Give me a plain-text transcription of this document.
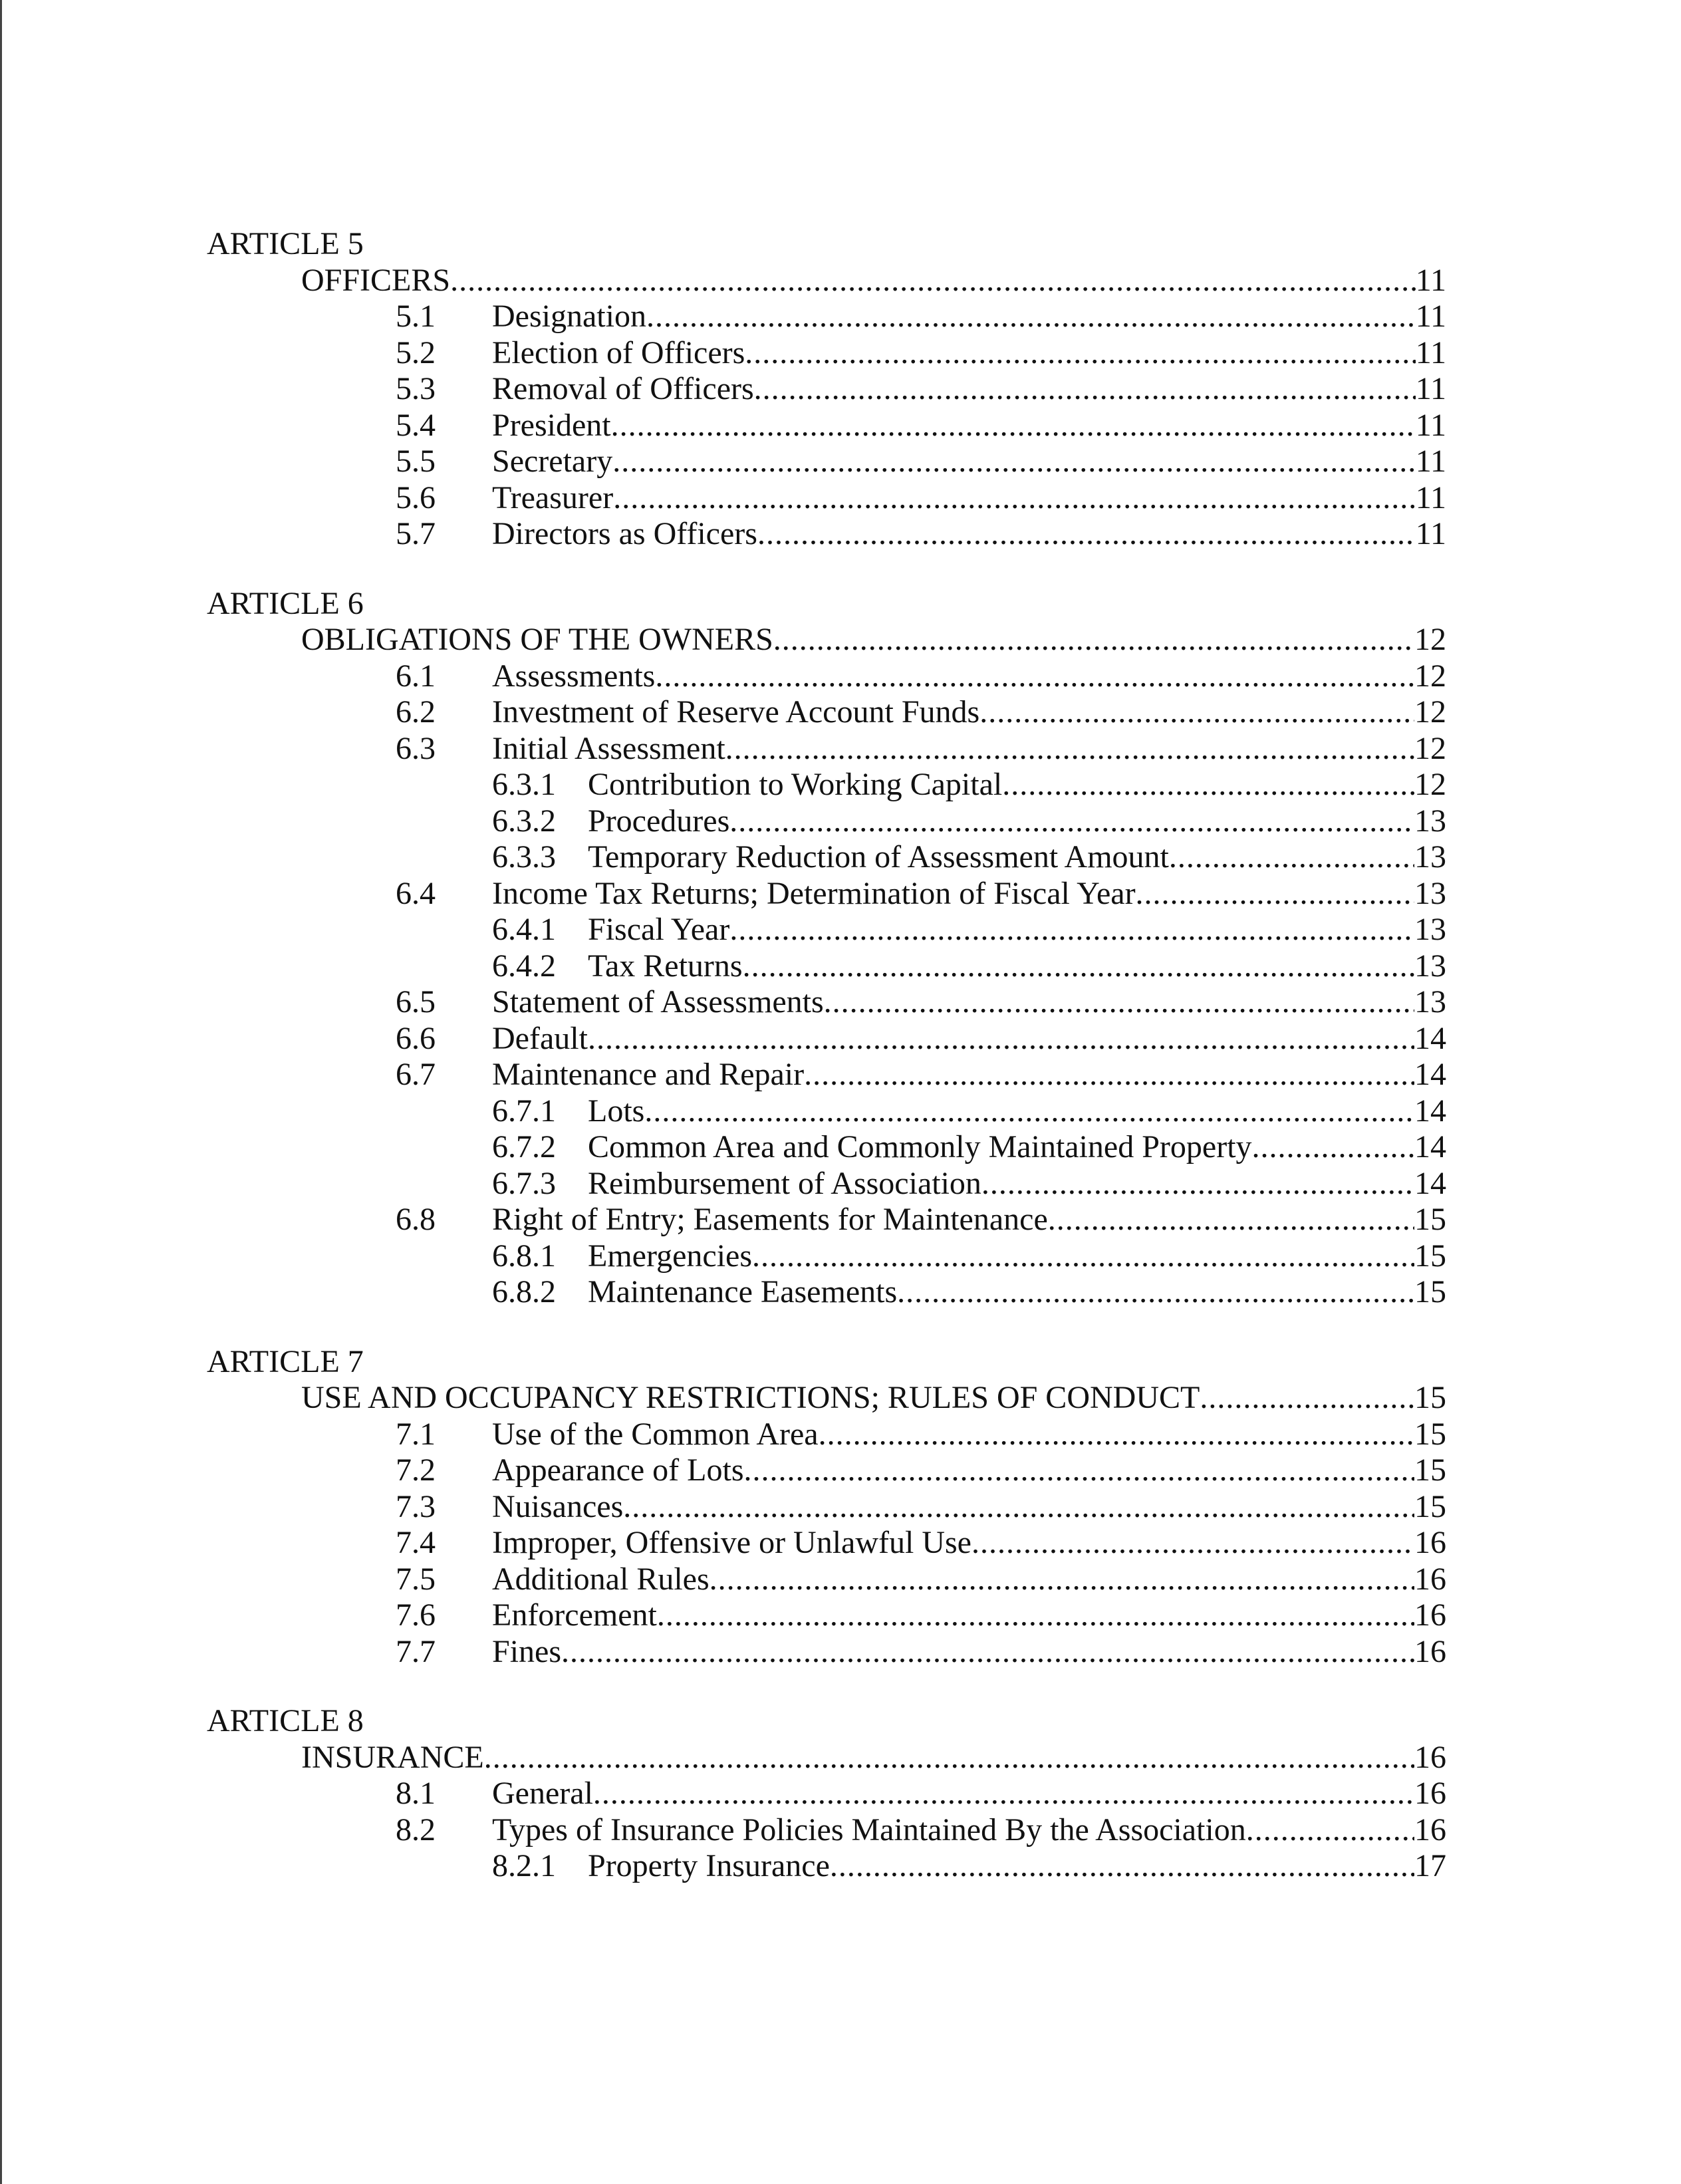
ARTICLE 5
OFFICERS .....	11
5.1 Designation .....	11
5.2 Election of Officers .....	11
5.3 Removal of Officers .....	11
5.4 President .....	11
5.5 Secretary .....	11
5.6 Treasurer .....	11
5.7 Directors as Officers .....	11
ARTICLE 6
OBLIGATIONS OF THE OWNERS .....	12
6.1 Assessments .....	12
6.2 Investment of Reserve Account Funds .....	12
6.3 Initial Assessment .....	12
6.3.1 Contribution to Working Capital .....	12
6.3.2 Procedures .....	13
6.3.3 Temporary Reduction of Assessment Amount .....	13
6.4 Income Tax Returns; Determination of Fiscal Year .....	13
6.4.1 Fiscal Year .....	13
6.4.2 Tax Returns .....	13
6.5 Statement of Assessments .....	13
6.6 Default .....	14
6.7 Maintenance and Repair .....	14
6.7.1 Lots .....	14
6.7.2 Common Area and Commonly Maintained Property .....	14
6.7.3 Reimbursement of Association .....	14
6.8 Right of Entry; Easements for Maintenance .....	15
6.8.1 Emergencies .....	15
6.8.2 Maintenance Easements .....	15
ARTICLE 7
USE AND OCCUPANCY RESTRICTIONS; RULES OF CONDUCT .....	15
7.1 Use of the Common Area .....	15
7.2 Appearance of Lots .....	15
7.3 Nuisances .....	15
7.4 Improper, Offensive or Unlawful Use .....	16
7.5 Additional Rules .....	16
7.6 Enforcement .....	16
7.7 Fines .....	16
ARTICLE 8
INSURANCE .....	16
8.1 General .....	16
8.2 Types of Insurance Policies Maintained By the Association .....	16
8.2.1 Property Insurance .....	17
